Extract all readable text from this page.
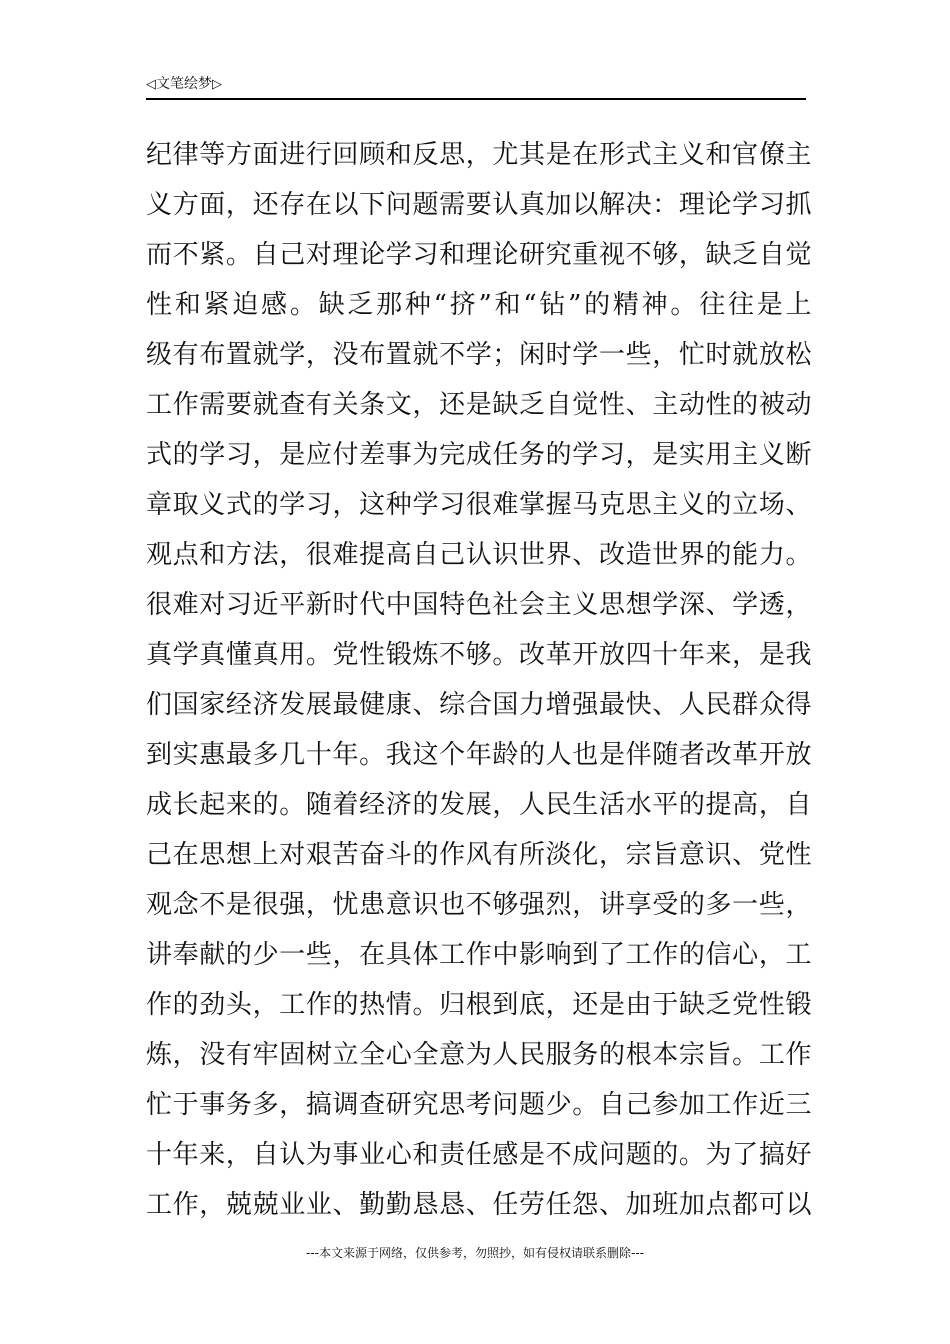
◁文笔绘梦▷
纪律等方面进行回顾和反思，尤其是在形式主义和官僚主
义方面，还存在以下问题需要认真加以解决：理论学习抓
而不紧。自己对理论学习和理论研究重视不够，缺乏自觉
性和紧迫感。缺乏那种“挤”和“钻”的精神。往往是上
级有布置就学，没布置就不学；闲时学一些，忙时就放松
工作需要就查有关条文，还是缺乏自觉性、主动性的被动
式的学习，是应付差事为完成任务的学习，是实用主义断
章取义式的学习，这种学习很难掌握马克思主义的立场、
观点和方法，很难提高自己认识世界、改造世界的能力。
很难对习近平新时代中国特色社会主义思想学深、学透，
真学真懂真用。党性锻炼不够。改革开放四十年来，是我
们国家经济发展最健康、综合国力增强最快、人民群众得
到实惠最多几十年。我这个年龄的人也是伴随者改革开放
成长起来的。随着经济的发展，人民生活水平的提高，自
己在思想上对艰苦奋斗的作风有所淡化，宗旨意识、党性
观念不是很强，忧患意识也不够强烈，讲享受的多一些，
讲奉献的少一些，在具体工作中影响到了工作的信心，工
作的劲头，工作的热情。归根到底，还是由于缺乏党性锻
炼，没有牢固树立全心全意为人民服务的根本宗旨。工作
忙于事务多，搞调查研究思考问题少。自己参加工作近三
十年来，自认为事业心和责任感是不成问题的。为了搞好
工作，兢兢业业、勤勤恳恳、任劳任怨、加班加点都可以
---本文来源于网络，仅供参考，勿照抄，如有侵权请联系删除---
